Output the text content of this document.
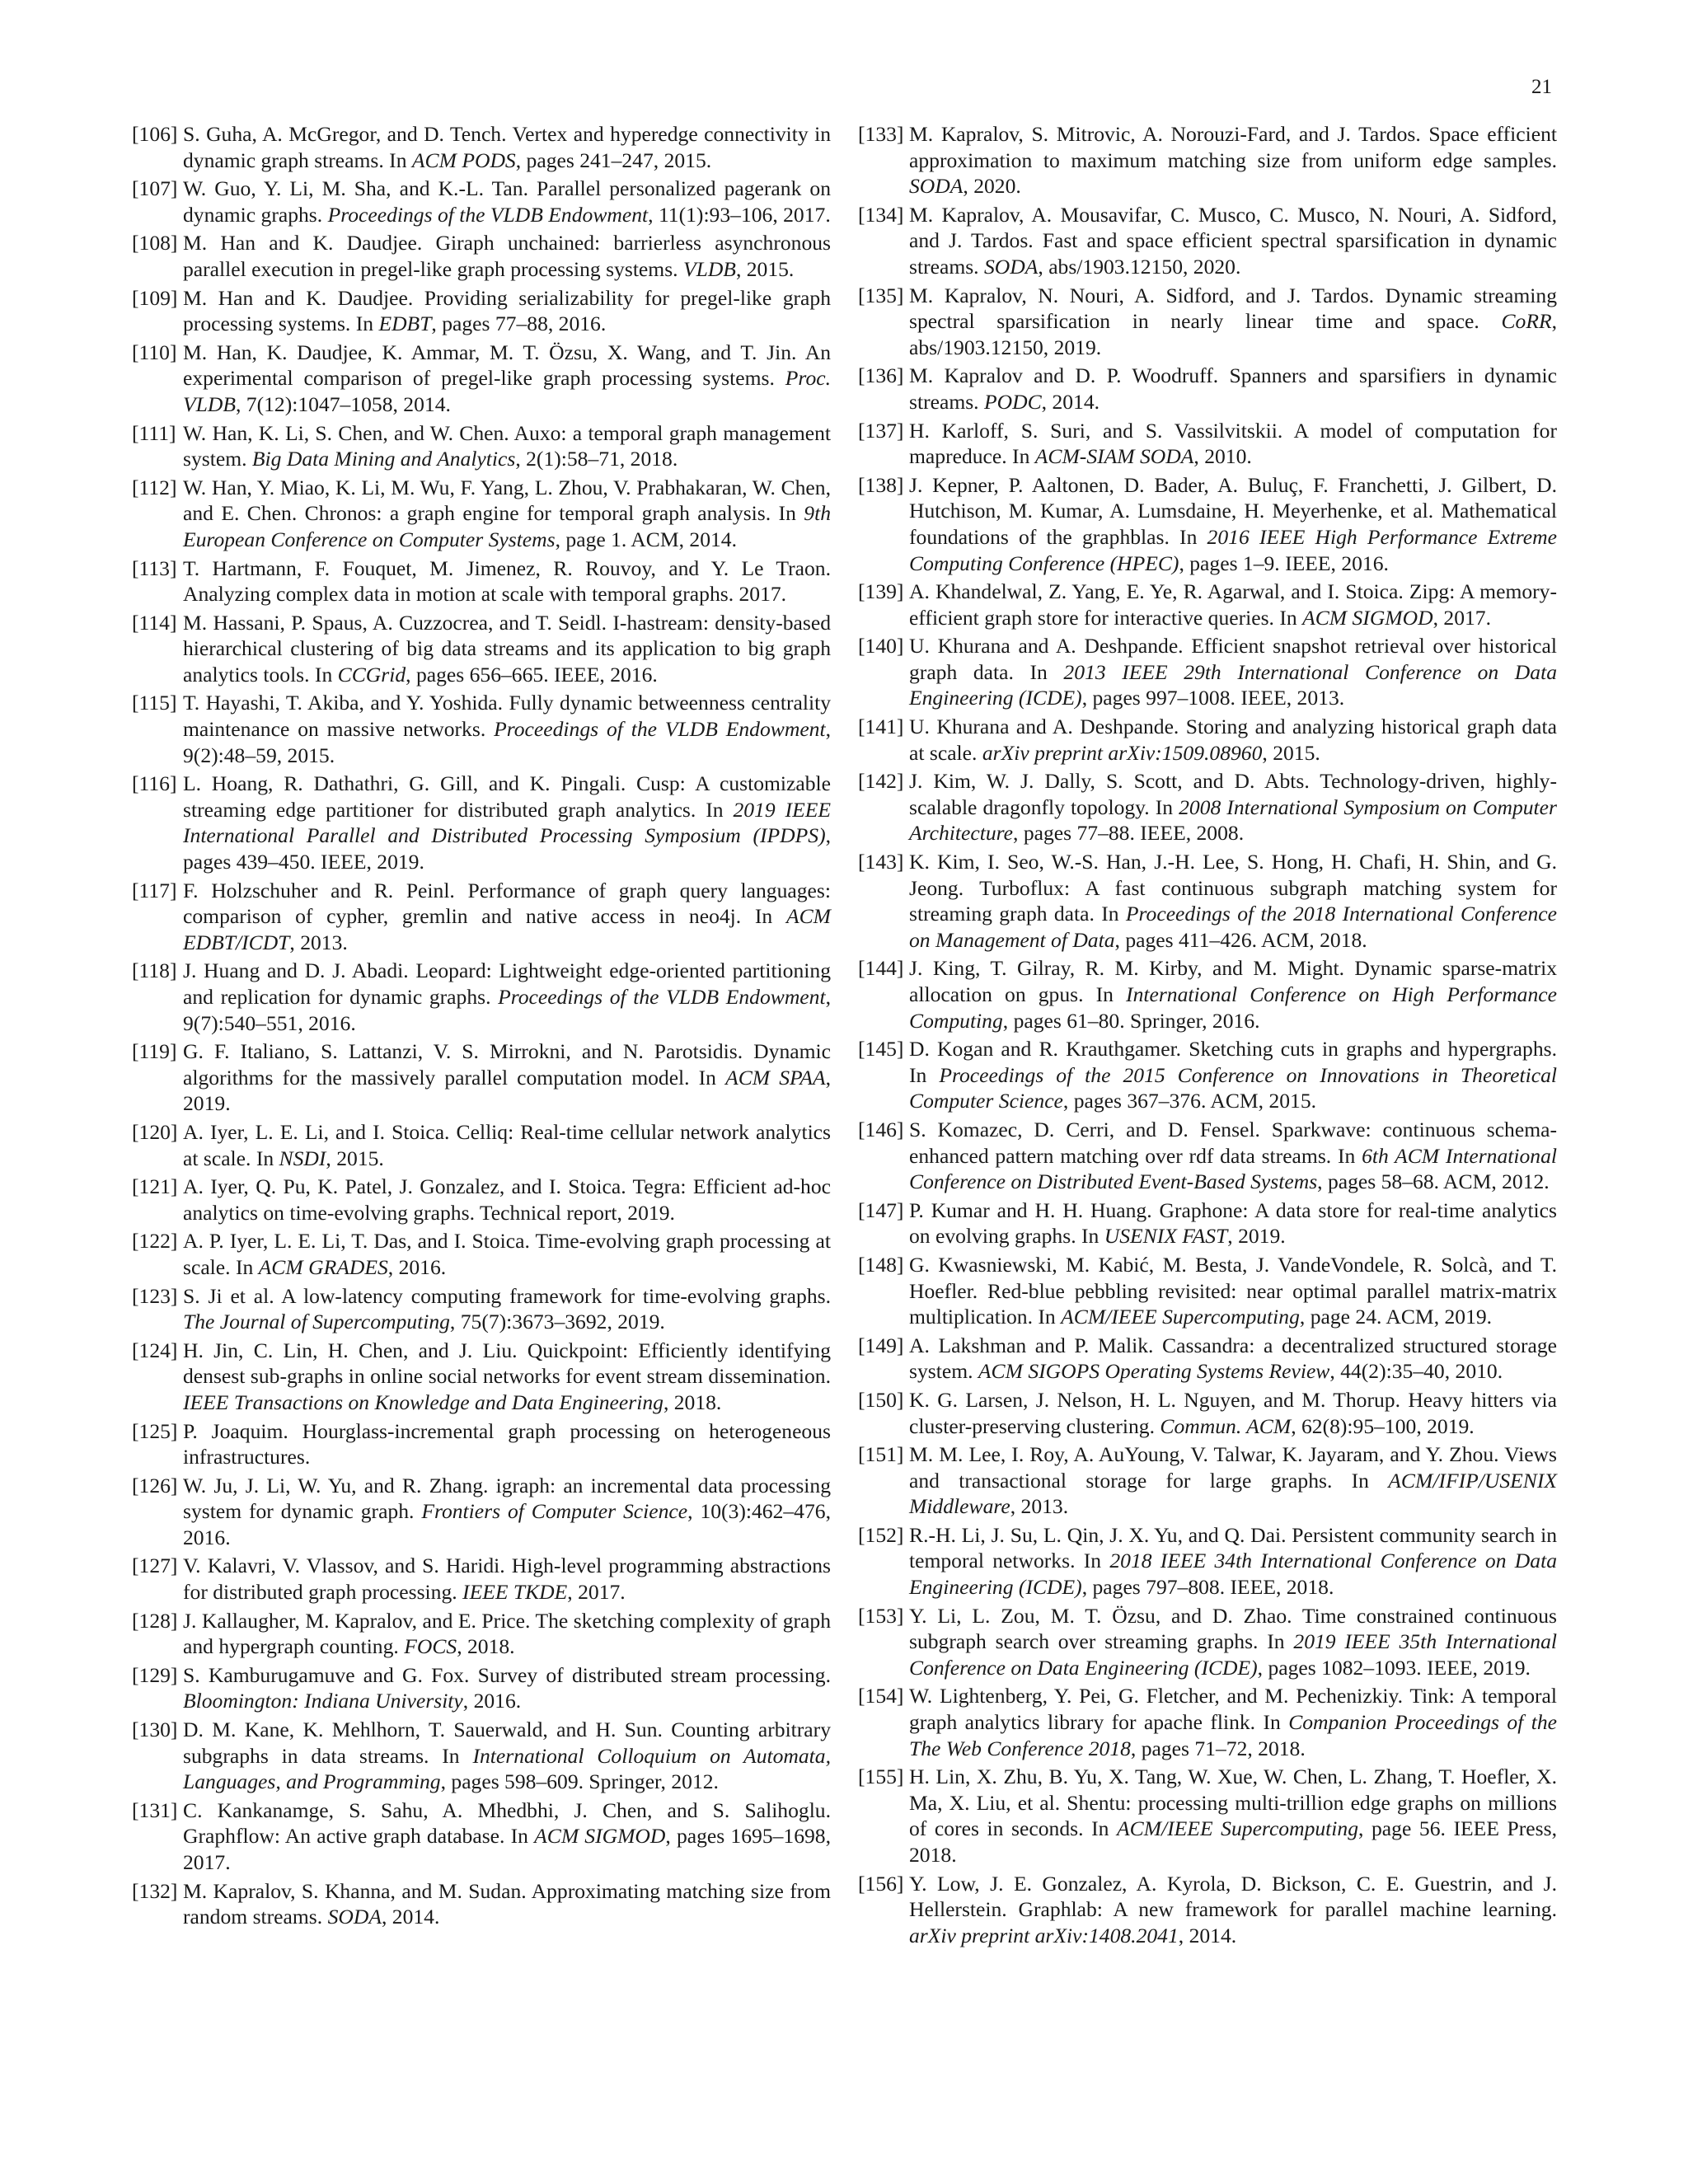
21
[106] S. Guha, A. McGregor, and D. Tench. Vertex and hyperedge connectivity in dynamic graph streams. In ACM PODS, pages 241–247, 2015.
[107] W. Guo, Y. Li, M. Sha, and K.-L. Tan. Parallel personalized pagerank on dynamic graphs. Proceedings of the VLDB Endowment, 11(1):93–106, 2017.
[108] M. Han and K. Daudjee. Giraph unchained: barrierless asynchronous parallel execution in pregel-like graph processing systems. VLDB, 2015.
[109] M. Han and K. Daudjee. Providing serializability for pregel-like graph processing systems. In EDBT, pages 77–88, 2016.
[110] M. Han, K. Daudjee, K. Ammar, M. T. Özsu, X. Wang, and T. Jin. An experimental comparison of pregel-like graph processing systems. Proc. VLDB, 7(12):1047–1058, 2014.
[111] W. Han, K. Li, S. Chen, and W. Chen. Auxo: a temporal graph management system. Big Data Mining and Analytics, 2(1):58–71, 2018.
[112] W. Han, Y. Miao, K. Li, M. Wu, F. Yang, L. Zhou, V. Prabhakaran, W. Chen, and E. Chen. Chronos: a graph engine for temporal graph analysis. In 9th European Conference on Computer Systems, page 1. ACM, 2014.
[113] T. Hartmann, F. Fouquet, M. Jimenez, R. Rouvoy, and Y. Le Traon. Analyzing complex data in motion at scale with temporal graphs. 2017.
[114] M. Hassani, P. Spaus, A. Cuzzocrea, and T. Seidl. I-hastream: density-based hierarchical clustering of big data streams and its application to big graph analytics tools. In CCGrid, pages 656–665. IEEE, 2016.
[115] T. Hayashi, T. Akiba, and Y. Yoshida. Fully dynamic betweenness centrality maintenance on massive networks. Proceedings of the VLDB Endowment, 9(2):48–59, 2015.
[116] L. Hoang, R. Dathathri, G. Gill, and K. Pingali. Cusp: A customizable streaming edge partitioner for distributed graph analytics. In 2019 IEEE International Parallel and Distributed Processing Symposium (IPDPS), pages 439–450. IEEE, 2019.
[117] F. Holzschuher and R. Peinl. Performance of graph query languages: comparison of cypher, gremlin and native access in neo4j. In ACM EDBT/ICDT, 2013.
[118] J. Huang and D. J. Abadi. Leopard: Lightweight edge-oriented partitioning and replication for dynamic graphs. Proceedings of the VLDB Endowment, 9(7):540–551, 2016.
[119] G. F. Italiano, S. Lattanzi, V. S. Mirrokni, and N. Parotsidis. Dynamic algorithms for the massively parallel computation model. In ACM SPAA, 2019.
[120] A. Iyer, L. E. Li, and I. Stoica. Celliq: Real-time cellular network analytics at scale. In NSDI, 2015.
[121] A. Iyer, Q. Pu, K. Patel, J. Gonzalez, and I. Stoica. Tegra: Efficient ad-hoc analytics on time-evolving graphs. Technical report, 2019.
[122] A. P. Iyer, L. E. Li, T. Das, and I. Stoica. Time-evolving graph processing at scale. In ACM GRADES, 2016.
[123] S. Ji et al. A low-latency computing framework for time-evolving graphs. The Journal of Supercomputing, 75(7):3673–3692, 2019.
[124] H. Jin, C. Lin, H. Chen, and J. Liu. Quickpoint: Efficiently identifying densest sub-graphs in online social networks for event stream dissemination. IEEE Transactions on Knowledge and Data Engineering, 2018.
[125] P. Joaquim. Hourglass-incremental graph processing on heterogeneous infrastructures.
[126] W. Ju, J. Li, W. Yu, and R. Zhang. igraph: an incremental data processing system for dynamic graph. Frontiers of Computer Science, 10(3):462–476, 2016.
[127] V. Kalavri, V. Vlassov, and S. Haridi. High-level programming abstractions for distributed graph processing. IEEE TKDE, 2017.
[128] J. Kallaugher, M. Kapralov, and E. Price. The sketching complexity of graph and hypergraph counting. FOCS, 2018.
[129] S. Kamburugamuve and G. Fox. Survey of distributed stream processing. Bloomington: Indiana University, 2016.
[130] D. M. Kane, K. Mehlhorn, T. Sauerwald, and H. Sun. Counting arbitrary subgraphs in data streams. In International Colloquium on Automata, Languages, and Programming, pages 598–609. Springer, 2012.
[131] C. Kankanamge, S. Sahu, A. Mhedbhi, J. Chen, and S. Salihoglu. Graphflow: An active graph database. In ACM SIGMOD, pages 1695–1698, 2017.
[132] M. Kapralov, S. Khanna, and M. Sudan. Approximating matching size from random streams. SODA, 2014.
[133] M. Kapralov, S. Mitrovic, A. Norouzi-Fard, and J. Tardos. Space efficient approximation to maximum matching size from uniform edge samples. SODA, 2020.
[134] M. Kapralov, A. Mousavifar, C. Musco, C. Musco, N. Nouri, A. Sidford, and J. Tardos. Fast and space efficient spectral sparsification in dynamic streams. SODA, abs/1903.12150, 2020.
[135] M. Kapralov, N. Nouri, A. Sidford, and J. Tardos. Dynamic streaming spectral sparsification in nearly linear time and space. CoRR, abs/1903.12150, 2019.
[136] M. Kapralov and D. P. Woodruff. Spanners and sparsifiers in dynamic streams. PODC, 2014.
[137] H. Karloff, S. Suri, and S. Vassilvitskii. A model of computation for mapreduce. In ACM-SIAM SODA, 2010.
[138] J. Kepner, P. Aaltonen, D. Bader, A. Buluç, F. Franchetti, J. Gilbert, D. Hutchison, M. Kumar, A. Lumsdaine, H. Meyerhenke, et al. Mathematical foundations of the graphblas. In 2016 IEEE High Performance Extreme Computing Conference (HPEC), pages 1–9. IEEE, 2016.
[139] A. Khandelwal, Z. Yang, E. Ye, R. Agarwal, and I. Stoica. Zipg: A memory-efficient graph store for interactive queries. In ACM SIGMOD, 2017.
[140] U. Khurana and A. Deshpande. Efficient snapshot retrieval over historical graph data. In 2013 IEEE 29th International Conference on Data Engineering (ICDE), pages 997–1008. IEEE, 2013.
[141] U. Khurana and A. Deshpande. Storing and analyzing historical graph data at scale. arXiv preprint arXiv:1509.08960, 2015.
[142] J. Kim, W. J. Dally, S. Scott, and D. Abts. Technology-driven, highly-scalable dragonfly topology. In 2008 International Symposium on Computer Architecture, pages 77–88. IEEE, 2008.
[143] K. Kim, I. Seo, W.-S. Han, J.-H. Lee, S. Hong, H. Chafi, H. Shin, and G. Jeong. Turboflux: A fast continuous subgraph matching system for streaming graph data. In Proceedings of the 2018 International Conference on Management of Data, pages 411–426. ACM, 2018.
[144] J. King, T. Gilray, R. M. Kirby, and M. Might. Dynamic sparse-matrix allocation on gpus. In International Conference on High Performance Computing, pages 61–80. Springer, 2016.
[145] D. Kogan and R. Krauthgamer. Sketching cuts in graphs and hypergraphs. In Proceedings of the 2015 Conference on Innovations in Theoretical Computer Science, pages 367–376. ACM, 2015.
[146] S. Komazec, D. Cerri, and D. Fensel. Sparkwave: continuous schema-enhanced pattern matching over rdf data streams. In 6th ACM International Conference on Distributed Event-Based Systems, pages 58–68. ACM, 2012.
[147] P. Kumar and H. H. Huang. Graphone: A data store for real-time analytics on evolving graphs. In USENIX FAST, 2019.
[148] G. Kwasniewski, M. Kabić, M. Besta, J. VandeVondele, R. Solcà, and T. Hoefler. Red-blue pebbling revisited: near optimal parallel matrix-matrix multiplication. In ACM/IEEE Supercomputing, page 24. ACM, 2019.
[149] A. Lakshman and P. Malik. Cassandra: a decentralized structured storage system. ACM SIGOPS Operating Systems Review, 44(2):35–40, 2010.
[150] K. G. Larsen, J. Nelson, H. L. Nguyen, and M. Thorup. Heavy hitters via cluster-preserving clustering. Commun. ACM, 62(8):95–100, 2019.
[151] M. M. Lee, I. Roy, A. AuYoung, V. Talwar, K. Jayaram, and Y. Zhou. Views and transactional storage for large graphs. In ACM/IFIP/USENIX Middleware, 2013.
[152] R.-H. Li, J. Su, L. Qin, J. X. Yu, and Q. Dai. Persistent community search in temporal networks. In 2018 IEEE 34th International Conference on Data Engineering (ICDE), pages 797–808. IEEE, 2018.
[153] Y. Li, L. Zou, M. T. Özsu, and D. Zhao. Time constrained continuous subgraph search over streaming graphs. In 2019 IEEE 35th International Conference on Data Engineering (ICDE), pages 1082–1093. IEEE, 2019.
[154] W. Lightenberg, Y. Pei, G. Fletcher, and M. Pechenizkiy. Tink: A temporal graph analytics library for apache flink. In Companion Proceedings of the The Web Conference 2018, pages 71–72, 2018.
[155] H. Lin, X. Zhu, B. Yu, X. Tang, W. Xue, W. Chen, L. Zhang, T. Hoefler, X. Ma, X. Liu, et al. Shentu: processing multi-trillion edge graphs on millions of cores in seconds. In ACM/IEEE Supercomputing, page 56. IEEE Press, 2018.
[156] Y. Low, J. E. Gonzalez, A. Kyrola, D. Bickson, C. E. Guestrin, and J. Hellerstein. Graphlab: A new framework for parallel machine learning. arXiv preprint arXiv:1408.2041, 2014.
